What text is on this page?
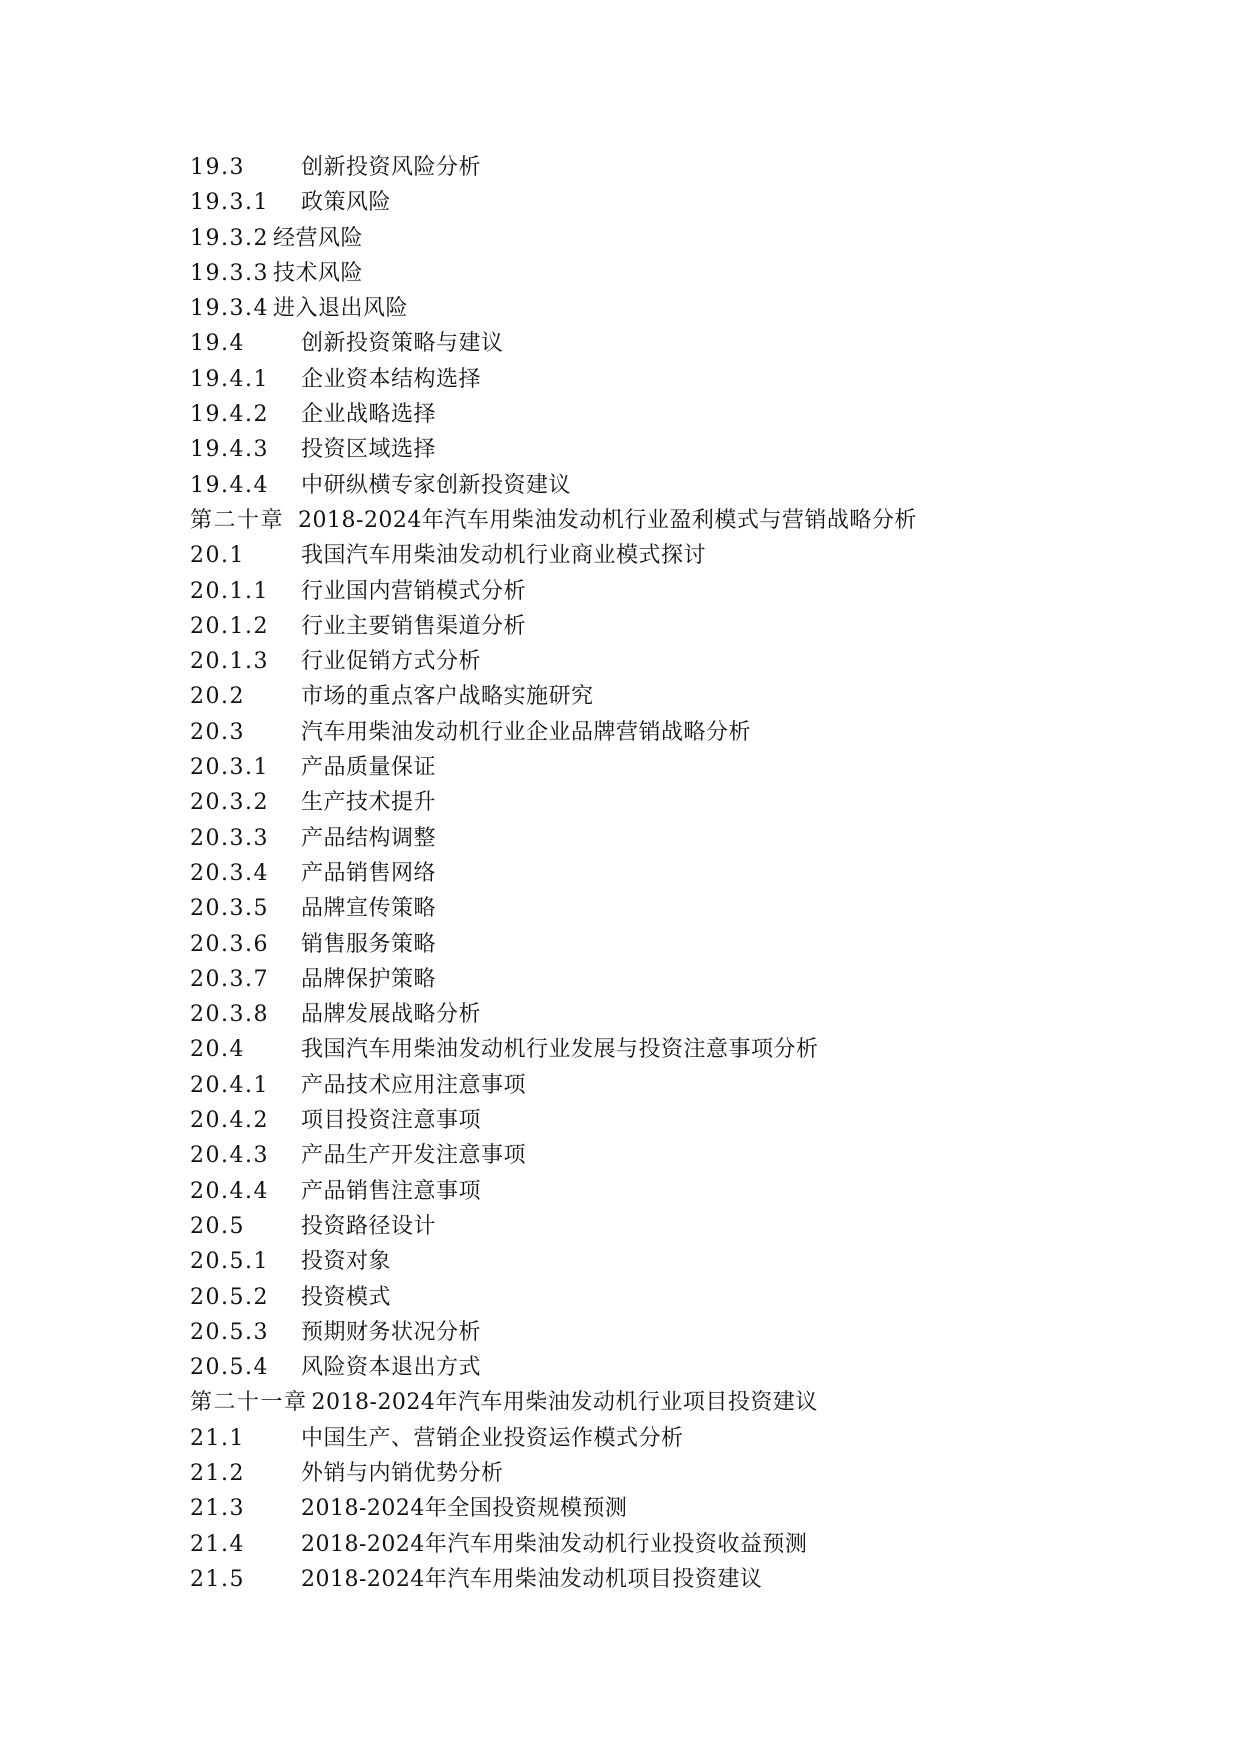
19.3	创新投资风险分析
19.3.1	政策风险
19.3.2 经营风险
19.3.3 技术风险
19.3.4 进入退出风险
19.4	创新投资策略与建议
19.4.1	企业资本结构选择
19.4.2	企业战略选择
19.4.3	投资区域选择
19.4.4	中研纵横专家创新投资建议
第二十章 2018-2024年汽车用柴油发动机行业盈利模式与营销战略分析
20.1	我国汽车用柴油发动机行业商业模式探讨
20.1.1	行业国内营销模式分析
20.1.2	行业主要销售渠道分析
20.1.3	行业促销方式分析
20.2	市场的重点客户战略实施研究
20.3	汽车用柴油发动机行业企业品牌营销战略分析
20.3.1	产品质量保证
20.3.2	生产技术提升
20.3.3	产品结构调整
20.3.4	产品销售网络
20.3.5	品牌宣传策略
20.3.6	销售服务策略
20.3.7	品牌保护策略
20.3.8	品牌发展战略分析
20.4	我国汽车用柴油发动机行业发展与投资注意事项分析
20.4.1	产品技术应用注意事项
20.4.2	项目投资注意事项
20.4.3	产品生产开发注意事项
20.4.4	产品销售注意事项
20.5	投资路径设计
20.5.1	投资对象
20.5.2	投资模式
20.5.3	预期财务状况分析
20.5.4	风险资本退出方式
第二十一章 2018-2024年汽车用柴油发动机行业项目投资建议
21.1	中国生产、营销企业投资运作模式分析
21.2	外销与内销优势分析
21.3	2018-2024年全国投资规模预测
21.4	2018-2024年汽车用柴油发动机行业投资收益预测
21.5	2018-2024年汽车用柴油发动机项目投资建议
